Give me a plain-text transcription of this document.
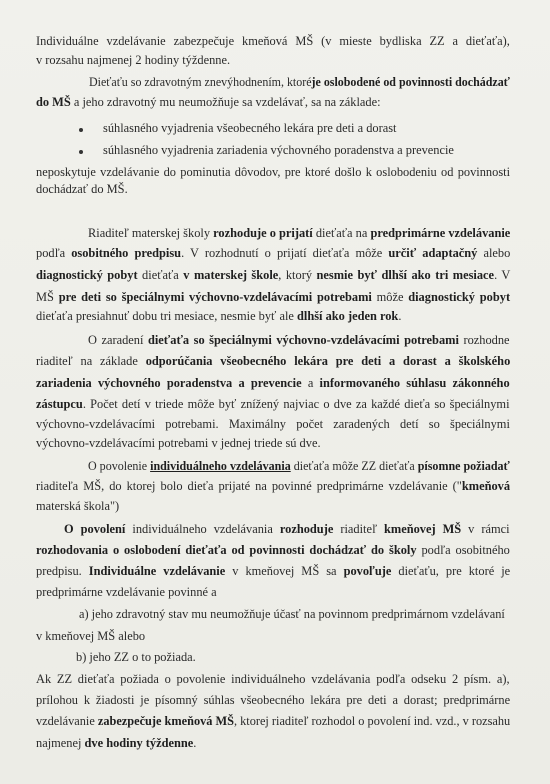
Individuálne vzdelávanie zabezpečuje kmeňová MŠ (v mieste bydliska ZZ a dieťaťa),
v rozsahu najmenej 2 hodiny týždenne.
Dieťaťu so zdravotným znevýhodnením, ktoréje oslobodené od povinnosti dochádzať
do MŠ a jeho zdravotný mu neumožňuje sa vzdelávať, sa na základe:
súhlasného vyjadrenia všeobecného lekára pre deti a dorast
súhlasného vyjadrenia zariadenia výchovného poradenstva a prevencie
neposkytuje vzdelávanie do pominutia dôvodov, pre ktoré došlo k oslobodeniu od povinnosti
dochádzať do MŠ.
Riaditeľ materskej školy rozhoduje o prijatí dieťaťa na predprimárne vzdelávanie
podľa osobitného predpisu. V rozhodnutí o prijatí dieťaťa môže určiť adaptačný alebo
diagnostický pobyt dieťaťa v materskej škole, ktorý nesmie byť dlhší ako tri mesiace. V
MŠ pre deti so špeciálnymi výchovno-vzdelávacími potrebami môže diagnostický pobyt
dieťaťa presiahnuť dobu tri mesiace, nesmie byť ale dlhší ako jeden rok.
O zaradení dieťaťa so špeciálnymi výchovno-vzdelávacími potrebami rozhodne
riaditeľ na základe odporúčania všeobecného lekára pre deti a dorast a školského
zariadenia výchovného poradenstva a prevencie a informovaného súhlasu zákonného
zástupcu. Počet detí v triede môže byť znížený najviac o dve za každé dieťa so špeciálnymi
výchovno-vzdelávacími potrebami. Maximálny počet zaradených detí so špeciálnymi
výchovno-vzdelávacími potrebami v jednej triede sú dve.
O povolenie individuálneho vzdelávania dieťaťa môže ZZ dieťaťa písomne požiadať
riaditeľa MŠ, do ktorej bolo dieťa prijaté na povinné predprimárne vzdelávanie ("kmeňová
materská škola")
O povolení individuálneho vzdelávania rozhoduje riaditeľ kmeňovej MŠ v rámci
rozhodovania o oslobodení dieťaťa od povinnosti dochádzať do školy podľa osobitného
predpisu. Individuálne vzdelávanie v kmeňovej MŠ sa povoľuje dieťaťu, pre ktoré je
predprimárne vzdelávanie povinné a
a) jeho zdravotný stav mu neumožňuje účasť na povinnom predprimárnom vzdelávaní
v kmeňovej MŠ alebo
b) jeho ZZ o to požiada.
Ak ZZ dieťaťa požiada o povolenie individuálneho vzdelávania podľa odseku 2 písm. a),
prílohou k žiadosti je písomný súhlas všeobecného lekára pre deti a dorast; predprimárne
vzdelávanie zabezpečuje kmeňová MŠ, ktorej riaditeľ rozhodol o povolení ind. vzd., v rozsahu
najmenej dve hodiny týždenne.
